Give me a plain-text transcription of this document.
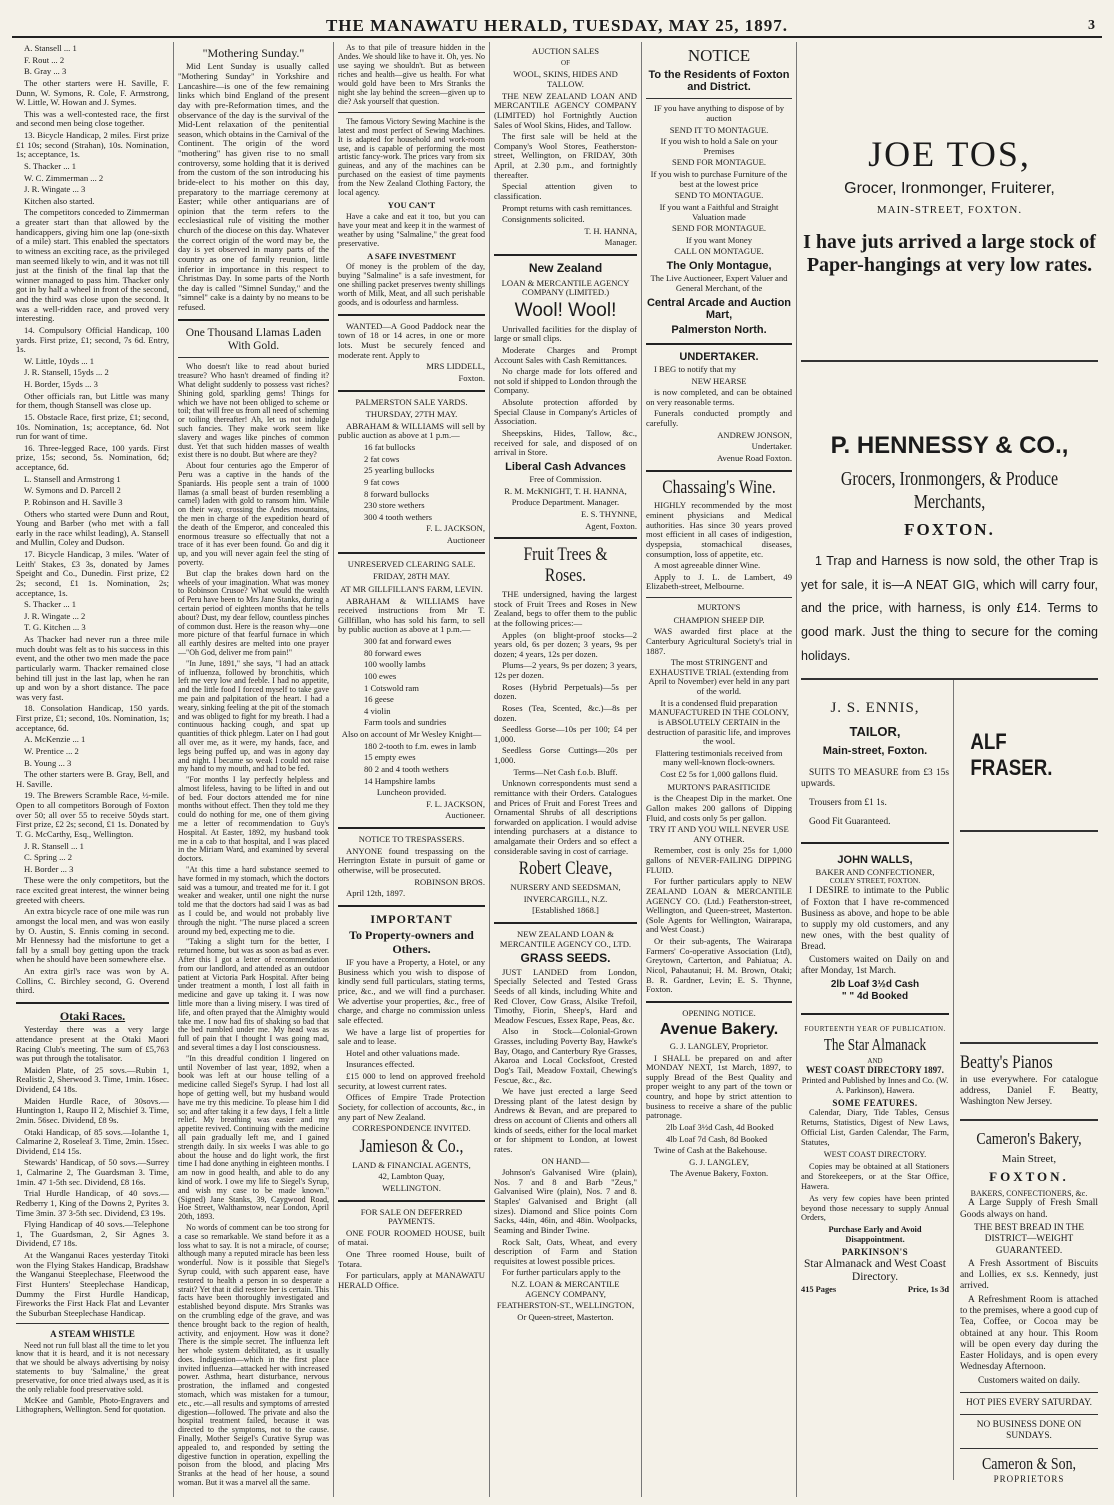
THE MANAWATU HERALD, TUESDAY, MAY 25, 1897.	3

A. Stansell ... 1

F. Rout ... 2

B. Gray ... 3

The other starters were H. Saville, F. Dunn, W. Symons, R. Cole, F. Armstrong, W. Little, W. Howan and J. Symes.

This was a well-contested race, the first and second men being close together.

13. Bicycle Handicap, 2 miles. First prize £1 10s; second (Strahan), 10s. Nomination, 1s; acceptance, 1s.

S. Thacker ... 1

W. C. Zimmerman ... 2

J. R. Wingate ... 3

Kitchen also started.

The competitors conceded to Zimmerman a greater start than that allowed by the handicappers, giving him one lap (one-sixth of a mile) start. This enabled the spectators to witness an exciting race, as the privileged man seemed likely to win, and it was not till just at the finish of the final lap that the winner managed to pass him. Thacker only got in by half a wheel in front of the second, and the third was close upon the second. It was a well-ridden race, and proved very interesting.

14. Compulsory Official Handicap, 100 yards. First prize, £1; second, 7s 6d. Entry, 1s.

W. Little, 10yds ... 1

J. R. Stansell, 15yds ... 2

H. Border, 15yds ... 3

Other officials ran, but Little was many for them, though Stansell was close up.

15. Obstacle Race, first prize, £1; second, 10s. Nomination, 1s; acceptance, 6d. Not run for want of time.

16. Three-legged Race, 100 yards. First prize, 15s; second, 5s. Nomination, 6d; acceptance, 6d.

L. Stansell and Armstrong 1

W. Symons and D. Parcell 2

P. Robinson and H. Saville 3

Others who started were Dunn and Rout, Young and Barber (who met with a fall early in the race whilst leading), A. Stansell and Mullin, Coley and Dudson.

17. Bicycle Handicap, 3 miles. 'Water of Leith' Stakes, £3 3s, donated by James Speight and Co., Dunedin. First prize, £2 2s; second, £1 1s. Nomination, 2s; acceptance, 1s.

S. Thacker ... 1

J. R. Wingate ... 2

T. G. Kitchen ... 3

As Thacker had never run a three mile much doubt was felt as to his success in this event, and the other two men made the pace particularly warm. Thacker remained close behind till just in the last lap, when he ran up and won by a short distance. The pace was very fast.

18. Consolation Handicap, 150 yards. First prize, £1; second, 10s. Nomination, 1s; acceptance, 6d.

A. McKenzie ... 1

W. Prentice ... 2

B. Young ... 3

The other starters were B. Gray, Bell, and H. Saville.

19. The Brewers Scramble Race, ½-mile. Open to all competitors Borough of Foxton over 50; all over 55 to receive 50yds start. First prize, £2 2s; second, £1 1s. Donated by T. G. McCarthy, Esq., Wellington.

J. R. Stansell ... 1

C. Spring ... 2

H. Border ... 3

These were the only competitors, but the race excited great interest, the winner being greeted with cheers.

An extra bicycle race of one mile was run amongst the local men, and was won easily by O. Austin, S. Ennis coming in second. Mr Hennessy had the misfortune to get a fall by a small boy getting upon the track when he should have been somewhere else.

An extra girl's race was won by A. Collins, C. Birchley second, G. Overend third.

Otaki Races.

Yesterday there was a very large attendance present at the Otaki Maori Racing Club's meeting. The sum of £5,763 was put through the totalisator.

Maiden Plate, of 25 sovs.—Rubin 1, Realistic 2, Sherwood 3. Time, 1min. 16sec. Dividend, £4 18s.

Maiden Hurdle Race, of 30sovs.—Huntington 1, Raupo II 2, Mischief 3. Time, 2min. 56sec. Dividend, £8 9s.

Otaki Handicap, of 85 sovs.—Iolanthe 1, Calmarine 2, Roseleaf 3. Time, 2min. 15sec. Dividend, £14 15s.

Stewards' Handicap, of 50 sovs.—Surrey 1, Calmarine 2, The Guardsman 3. Time, 1min. 47 1-5th sec. Dividend, £8 16s.

Trial Hurdle Handicap, of 40 sovs.—Redberry 1, King of the Downs 2, Pyrites 3. Time 3min. 37 3-5th sec. Dividend, £3 19s.

Flying Handicap of 40 sovs.—Telephone 1, The Guardsman, 2, Sir Agnes 3. Dividend, £7 18s.

At the Wanganui Races yesterday Titoki won the Flying Stakes Handicap, Bradshaw the Wanganui Steeplechase, Fleetwood the First Hunters' Steeplechase Handicap, Dummy the First Hurdle Handicap, Fireworks the First Hack Flat and Levanter the Suburban Steeplechase Handicap.

A STEAM WHISTLE

Need not run full blast all the time to let you know that it is heard, and it is not necessary that we should be always advertising by noisy statements to buy 'Salmaline,' the great preservative, for once tried always used, as it is the only reliable food preservative sold.

McKee and Gamble, Photo-Engravers and Lithographers, Wellington. Send for quotation.

"Mothering Sunday."

Mid Lent Sunday is usually called "Mothering Sunday" in Yorkshire and Lancashire—is one of the few remaining links which bind England of the present day with pre-Reformation times, and the observance of the day is the survival of the Mid-Lent relaxation of the penitential season, which obtains in the Carnival of the Continent. The origin of the word "mothering" has given rise to no small controversy, some holding that it is derived from the custom of the son introducing his bride-elect to his mother on this day, preparatory to the marriage ceremony at Easter; while other antiquarians are of opinion that the term refers to the ecclesiastical rule of visiting the mother church of the diocese on this day. Whatever the correct origin of the word may be, the day is yet observed in many parts of the country as one of family reunion, little inferior in importance in this respect to Christmas Day. In some parts of the North the day is called "Simnel Sunday," and the "simnel" cake is a dainty by no means to be refused.

One Thousand Llamas Laden With Gold.

Who doesn't like to read about buried treasure? Who hasn't dreamed of finding it? What delight suddenly to possess vast riches? Shining gold, sparkling gems! Things for which we have not been obliged to scheme or toil; that will free us from all need of scheming or toiling thereafter! Ah, let us not indulge such fancies. They make work seem like slavery and wages like pinches of common dust. Yet that such hidden masses of wealth exist there is no doubt. But where are they?

About four centuries ago the Emperor of Peru was a captive in the hands of the Spaniards. His people sent a train of 1000 llamas (a small beast of burden resembling a camel) laden with gold to ransom him. While on their way, crossing the Andes mountains, the men in charge of the expedition heard of the death of the Emperor, and concealed this enormous treasure so effectually that not a trace of it has ever been found. Go and dig it up, and you will never again feel the sting of poverty.

But clap the brakes down hard on the wheels of your imagination. What was money to Robinson Crusoe? What would the wealth of Peru have been to Mrs Jane Stanks, during a certain period of eighteen months that he tells about? Dust, my dear fellow, countless pinches of common dust. Here is the reason why—one more picture of that fearful furnace in which all earthly desires are melted into one prayer—"Oh God, deliver me from pain!"

"In June, 1891," she says, "I had an attack of influenza, followed by bronchitis, which left me very low and feeble. I had no appetite, and the little food I forced myself to take gave me pain and palpitation of the heart. I had a weary, sinking feeling at the pit of the stomach and was obliged to fight for my breath. I had a continuous hacking cough, and spat up quantities of thick phlegm. Later on I had gout all over me, as it were, my hands, face, and legs being puffed up, and was in agony day and night. I became so weak I could not raise my hand to my mouth, and had to be fed.

"For months I lay perfectly helpless and almost lifeless, having to be lifted in and out of bed. Four doctors attended me for nine months without effect. Then they told me they could do nothing for me, one of them giving me a letter of recommendation to Guy's Hospital. At Easter, 1892, my husband took me in a cab to that hospital, and I was placed in the Miriam Ward, and examined by several doctors.

"At this time a hard substance seemed to have formed in my stomach, which the doctors said was a tumour, and treated me for it. I got weaker and weaker, until one night the nurse told me that the doctors had said I was as bad as I could be, and would not probably live through the night. "The nurse placed a screen around my bed, expecting me to die.

"Taking a slight turn for the better, I returned home, but was as soon as bad as ever. After this I got a letter of recommendation from our landlord, and attended as an outdoor patient at Victoria Park Hospital. After being under treatment a month, I lost all faith in medicine and gave up taking it. I was now little more than a living misery. I was tired of life, and often prayed that the Almighty would take me. I now had fits of shaking so bad that the bed rumbled under me. My head was as full of pain that I thought I was going mad, and several times a day I lost consciousness.

"In this dreadful condition I lingered on until November of last year, 1892, when a book was left at our house telling of a medicine called Siegel's Syrup. I had lost all hope of getting well, but my husband would have me try this medicine. To please him I did so; and after taking it a few days, I felt a little relief. My breathing was easier and my appetite revived. Continuing with the medicine all pain gradually left me, and I gained strength daily. In six weeks I was able to go about the house and do light work, the first time I had done anything in eighteen months. I am now in good health, and able to do any kind of work. I owe my life to Siegel's Syrup, and wish my case to be made known." (Signed) Jane Stanks, 39, Caygwood Road, Hoe Street, Walthamstow, near London, April 20th, 1893.

No words of comment can be too strong for a case so remarkable. We stand before it as a loss what to say. It is not a miracle, of course; although many a reputed miracle has been less wonderful. Now is it possible that Siegel's Syrup could, with such apparent ease, have restored to health a person in so desperate a strait? Yet that it did restore her is certain. This facts have been thoroughly investigated and established beyond dispute. Mrs Stranks was on the crumbling edge of the grave, and was thence brought back to the region of health, activity, and enjoyment. How was it done? There is the simple secret. The influenza left her whole system debilitated, as it usually does. Indigestion—which in the first place invited influenza—attacked her with increased power. Asthma, heart disturbance, nervous prostration, the inflamed and congested stomach, which was mistaken for a tumour, etc., etc.—all results and symptoms of arrested digestion—followed. The private and also the hospital treatment failed, because it was directed to the symptoms, not to the cause. Finally, Mother Seigel's Curative Syrup was appealed to, and responded by setting the digestive function in operation, expelling the poison from the blood, and placing Mrs Stranks at the head of her house, a sound woman. But it was a marvel all the same.

As to that pile of treasure hidden in the Andes. We should like to have it. Oh, yes. No use saying we shouldn't. But as between riches and health—give us health. For what would gold have been to Mrs Stranks the night she lay behind the screen—given up to die? Ask yourself that question.

The famous Victory Sewing Machine is the latest and most perfect of Sewing Machines. It is adapted for household and work-room use, and is capable of performing the most artistic fancy-work. The prices vary from six guineas, and any of the machines can be purchased on the easiest of time payments from the New Zealand Clothing Factory, the local agency.

YOU CAN'T

Have a cake and eat it too, but you can have your meat and keep it in the warmest of weather by using "Salmaline," the great food preservative.

A SAFE INVESTMENT

Of money is the problem of the day, buying "Salmaline" is a safe investment, for one shilling packet preserves twenty shillings worth of Milk, Meat, and all such perishable goods, and is odourless and harmless.

WANTED—A Good Paddock near the town of 18 or 14 acres, in one or more lots. Must be securely fenced and moderate rent. Apply to

MRS LIDDELL,

Foxton.

PALMERSTON SALE YARDS.
THURSDAY, 27TH MAY.

ABRAHAM & WILLIAMS will sell by public auction as above at 1 p.m.—

16 fat bullocks

2 fat cows

25 yearling bullocks

9 fat cows

8 forward bullocks

230 store wethers

300 4 tooth wethers

F. L. JACKSON,

Auctioneer

UNRESERVED CLEARING SALE.
FRIDAY, 28TH MAY.
AT MR GILLFILLAN'S FARM, LEVIN.

ABRAHAM & WILLIAMS have received instructions from Mr T. Gillfillan, who has sold his farm, to sell by public auction as above at 1 p.m.—

300 fat and forward ewes

80 forward ewes

100 woolly lambs

100 ewes

1 Cotswold ram

16 geese

4 violin

Farm tools and sundries

Also on account of Mr Wesley Knight—

180 2-tooth to f.m. ewes in lamb

15 empty ewes

80 2 and 4 tooth wethers

14 Hampshire lambs

Luncheon provided.

F. L. JACKSON,

Auctioneer.

NOTICE TO TRESPASSERS.

ANYONE found trespassing on the Herrington Estate in pursuit of game or otherwise, will be prosecuted.

ROBINSON BROS.

April 12th, 1897.

IMPORTANT
To Property-owners and Others.

IF you have a Property, a Hotel, or any Business which you wish to dispose of kindly send full particulars, stating terms, price, &c., and we will find a purchaser. We advertise your properties, &c., free of charge, and charge no commission unless sale effected.

We have a large list of properties for sale and to lease.

Hotel and other valuations made.

Insurances effected.

£15 000 to lend on approved freehold security, at lowest current rates.

Offices of Empire Trade Protection Society, for collection of accounts, &c., in any part of New Zealand.

CORRESPONDENCE INVITED.

Jamieson & Co.,

LAND & FINANCIAL AGENTS,

42, Lambton Quay,

WELLINGTON.

FOR SALE ON DEFERRED PAYMENTS.

ONE FOUR ROOMED HOUSE, built of matai.

One Three roomed House, built of Totara.

For particulars, apply at MANAWATU HERALD Office.

AUCTION SALES
OF
WOOL, SKINS, HIDES AND TALLOW.

THE NEW ZEALAND LOAN AND MERCANTILE AGENCY COMPANY (LIMITED) hol Fortnightly Auction Sales of Wool Skins, Hides, and Tallow.

The first sale will be held at the Company's Wool Stores, Featherston-street, Wellington, on FRIDAY, 30th April, at 2.30 p.m., and fortnightly thereafter.

Special attention given to classification.

Prompt returns with cash remittances.

Consignments solicited.

T. H. HANNA,

Manager.

New Zealand
LOAN & MERCANTILE AGENCY COMPANY (LIMITED.)
Wool! Wool!

Unrivalled facilities for the display of large or small clips.

Moderate Charges and Prompt Account Sales with Cash Remittances.

No charge made for lots offered and not sold if shipped to London through the Company.

Absolute protection afforded by Special Clause in Company's Articles of Association.

Sheepskins, Hides, Tallow, &c., received for sale, and disposed of on arrival in Store.

Liberal Cash Advances

Free of Commission.

R. M. McKNIGHT, T. H. HANNA,

Produce Department. Manager.

E. S. THYNNE,

Agent, Foxton.

Fruit Trees & Roses.

THE undersigned, having the largest stock of Fruit Trees and Roses in New Zealand, begs to offer them to the public at the following prices:—

Apples (on blight-proof stocks—2 years old, 6s per dozen; 3 years, 9s per dozen; 4 years, 12s per dozen.

Plums—2 years, 9s per dozen; 3 years, 12s per dozen.

Roses (Hybrid Perpetuals)—5s per dozen.

Roses (Tea, Scented, &c.)—8s per dozen.

Seedless Gorse—10s per 100; £4 per 1,000.

Seedless Gorse Cuttings—20s per 1,000.

Terms—Net Cash f.o.b. Bluff.

Unknown correspondents must send a remittance with their Orders. Catalogues and Prices of Fruit and Forest Trees and Ornamental Shrubs of all descriptions forwarded on application. I would advise intending purchasers at a distance to amalgamate their Orders and so effect a considerable saving in cost of carriage.

Robert Cleave,

NURSERY AND SEEDSMAN,

INVERCARGILL, N.Z.

[Established 1868.]

NEW ZEALAND LOAN & MERCANTILE AGENCY CO., LTD.

GRASS SEEDS.

JUST LANDED from London, Specially Selected and Tested Grass Seeds of all kinds, including White and Red Clover, Cow Grass, Alsike Trefoil, Timothy, Fiorin, Sheep's, Hard and Meadow Fescues, Essex Rape, Peas, &c.

Also in Stock—Colonial-Grown Grasses, including Poverty Bay, Hawke's Bay, Otago, and Canterbury Rye Grasses, Akaroa and Local Cocksfoot, Crested Dog's Tail, Meadow Foxtail, Chewing's Fescue, &c., &c.

We have just erected a large Seed Dressing plant of the latest design by Andrews & Bevan, and are prepared to dress on account of Clients and others all kinds of seeds, either for the local market or for shipment to London, at lowest rates.

ON HAND—

Johnson's Galvanised Wire (plain), Nos. 7 and 8 and Barb "Zeus," Galvanised Wire (plain), Nos. 7 and 8. Staples' Galvanised and Bright (all sizes). Diamond and Slice points Corn Sacks, 44in, 46in, and 48in. Woolpacks, Seaming and Binder Twine.

Rock Salt, Oats, Wheat, and every description of Farm and Station requisites at lowest possible prices.

For further particulars apply to the

N.Z. LOAN & MERCANTILE AGENCY COMPANY,

FEATHERSTON-ST., WELLINGTON,

Or Queen-street, Masterton.

NOTICE
To the Residents of Foxton and District.

IF you have anything to dispose of by auction

SEND IT TO MONTAGUE.

If you wish to hold a Sale on your Premises

SEND FOR MONTAGUE.

If you wish to purchase Furniture of the best at the lowest price

SEND TO MONTAGUE.

If you want a Faithful and Straight Valuation made

SEND FOR MONTAGUE.

If you want Money

CALL ON MONTAGUE.

The Only Montague,

The Live Auctioneer, Expert Valuer and General Merchant, of the

Central Arcade and Auction Mart,
Palmerston North.
UNDERTAKER.

I BEG to notify that my

NEW HEARSE

is now completed, and can be obtained on very reasonable terms.

Funerals conducted promptly and carefully.

ANDREW JONSON,

Undertaker.

Avenue Road Foxton.

Chassaing's Wine.

HIGHLY recommended by the most eminent physicians and Medical authorities. Has since 30 years proved most efficient in all cases of indigestion, dyspepsia, stomachical diseases, consumption, loss of appetite, etc.

A most agreeable dinner Wine.

Apply to J. L. de Lambert, 49 Elizabeth-street, Melbourne.

MURTON'S
CHAMPION SHEEP DIP.

WAS awarded first place at the Canterbury Agricultural Society's trial in 1887.

The most STRINGENT and EXHAUSTIVE TRIAL (extending from April to November) ever held in any part of the world.

It is a condensed fluid preparation MANUFACTURED IN THE COLONY, is ABSOLUTELY CERTAIN in the destruction of parasitic life, and improves the wool.

Flattering testimonials received from many well-known flock-owners.

Cost £2 5s for 1,000 gallons fluid.

MURTON'S PARASITICIDE

is the Cheapest Dip in the market. One Gallon makes 200 gallons of Dipping Fluid, and costs only 5s per gallon.

TRY IT AND YOU WILL NEVER USE ANY OTHER.

Remember, cost is only 25s for 1,000 gallons of NEVER-FAILING DIPPING FLUID.

For further particulars apply to NEW ZEALAND LOAN & MERCANTILE AGENCY CO. (Ltd.) Featherston-street, Wellington, and Queen-street, Masterton. (Sole Agents for Wellington, Wairarapa, and West Coast.)

Or their sub-agents, The Wairarapa Farmers' Co-operative Association (Ltd), Greytown, Carterton, and Pahiatua; A. Nicol, Pahautanui; H. M. Brown, Otaki; B. R. Gardner, Levin; E. S. Thynne, Foxton.

OPENING NOTICE.

Avenue Bakery.

G. J. LANGLEY, Proprietor.

I SHALL be prepared on and after MONDAY NEXT, 1st March, 1897, to supply Bread of the Best Quality and proper weight to any part of the town or country, and hope by strict attention to business to receive a share of the public patronage.

2lb Loaf 3½d Cash, 4d Booked

4lb Loaf 7d Cash, 8d Booked

Twine of Cash at the Bakehouse.

G. J. LANGLEY,

The Avenue Bakery, Foxton.

JOE TOS,
Grocer, Ironmonger, Fruiterer,
MAIN-STREET, FOXTON.
I have juts arrived a large stock of Paper-hangings at very low rates.
P. HENNESSY & CO.,
Grocers, Ironmongers, & Produce Merchants,
FOXTON.
1 Trap and Harness is now sold, the other Trap is yet for sale, it is—A NEAT GIG, which will carry four, and the price, with harness, is only £14. Terms to good mark. Just the thing to secure for the coming holidays.
J. S. ENNIS,
TAILOR,
Main-street, Foxton.

SUITS TO MEASURE from £3 15s upwards.

Trousers from £1 1s.

Good Fit Guaranteed.

JOHN WALLS,
BAKER AND CONFECTIONER,
COLEY STREET, FOXTON.

I DESIRE to intimate to the Public of Foxton that I have re-commenced Business as above, and hope to be able to supply my old customers, and any new ones, with the best quality of Bread.

Customers waited on Daily on and after Monday, 1st March.

2lb Loaf 3½d Cash
" " 4d Booked
FOURTEENTH YEAR OF PUBLICATION.
The Star Almanack
AND
WEST COAST DIRECTORY 1897.

Printed and Published by Innes and Co. (W. A. Parkinson), Hawera.

SOME FEATURES.

Calendar, Diary, Tide Tables, Census Returns, Statistics, Digest of New Laws, Official List, Garden Calendar, The Farm, Statutes,

WEST COAST DIRECTORY.

Copies may be obtained at all Stationers and Storekeepers, or at the Star Office, Hawera.

As very few copies have been printed beyond those necessary to supply Annual Orders,

Purchase Early and Avoid Disappointment.

PARKINSON'S
Star Almanack and West Coast Directory.
415 Pages	Price, 1s 3d
ALF FRASER.
Beatty's Pianos

in use everywhere. For catalogue address, Daniel F. Beatty, Washington New Jersey.

Cameron's Bakery,
Main Street,
FOXTON.
BAKERS, CONFECTIONERS, &c.

A Large Supply of Fresh Small Goods always on hand.

THE BEST BREAD IN THE DISTRICT—WEIGHT GUARANTEED.

A Fresh Assortment of Biscuits and Lollies, ex s.s. Kennedy, just arrived.

A Refreshment Room is attached to the premises, where a good cup of Tea, Coffee, or Cocoa may be obtained at any hour. This Room will be open every day during the Easter Holidays, and is open every Wednesday Afternoon.

Customers waited on daily.

HOT PIES EVERY SATURDAY.

NO BUSINESS DONE ON SUNDAYS.

Cameron & Son,
PROPRIETORS
